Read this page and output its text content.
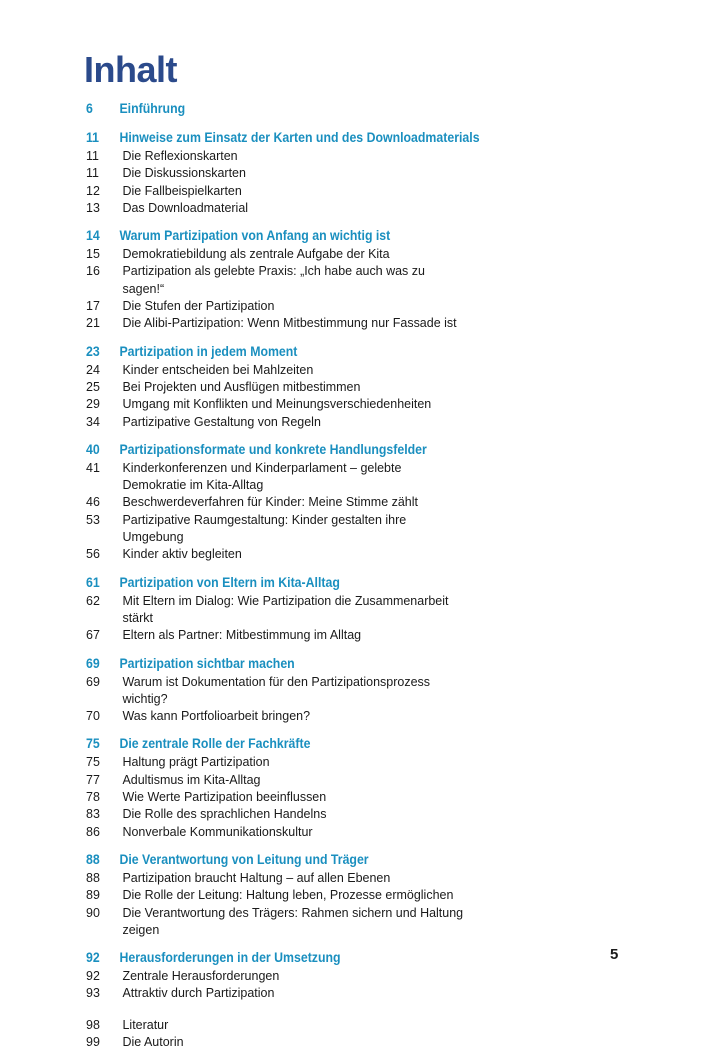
Inhalt
6	Einführung
11	Hinweise zum Einsatz der Karten und des Downloadmaterials
11	Die Reflexionskarten
11	Die Diskussionskarten
12	Die Fallbeispielkarten
13	Das Downloadmaterial
14	Warum Partizipation von Anfang an wichtig ist
15	Demokratiebildung als zentrale Aufgabe der Kita
16	Partizipation als gelebte Praxis: „Ich habe auch was zu sagen!“
17	Die Stufen der Partizipation
21	Die Alibi-Partizipation: Wenn Mitbestimmung nur Fassade ist
23	Partizipation in jedem Moment
24	Kinder entscheiden bei Mahlzeiten
25	Bei Projekten und Ausflügen mitbestimmen
29	Umgang mit Konflikten und Meinungsverschiedenheiten
34	Partizipative Gestaltung von Regeln
40	Partizipationsformate und konkrete Handlungsfelder
41	Kinderkonferenzen und Kinderparlament – gelebte Demokratie im Kita-Alltag
46	Beschwerdeverfahren für Kinder: Meine Stimme zählt
53	Partizipative Raumgestaltung: Kinder gestalten ihre Umgebung
56	Kinder aktiv begleiten
61	Partizipation von Eltern im Kita-Alltag
62	Mit Eltern im Dialog: Wie Partizipation die Zusammenarbeit stärkt
67	Eltern als Partner: Mitbestimmung im Alltag
69	Partizipation sichtbar machen
69	Warum ist Dokumentation für den Partizipationsprozess wichtig?
70	Was kann Portfolioarbeit bringen?
75	Die zentrale Rolle der Fachkräfte
75	Haltung prägt Partizipation
77	Adultismus im Kita-Alltag
78	Wie Werte Partizipation beeinflussen
83	Die Rolle des sprachlichen Handelns
86	Nonverbale Kommunikationskultur
88	Die Verantwortung von Leitung und Träger
88	Partizipation braucht Haltung – auf allen Ebenen
89	Die Rolle der Leitung: Haltung leben, Prozesse ermöglichen
90	Die Verantwortung des Trägers: Rahmen sichern und Haltung zeigen
92	Herausforderungen in der Umsetzung
92	Zentrale Herausforderungen
93	Attraktiv durch Partizipation
98	Literatur
99	Die Autorin
5
